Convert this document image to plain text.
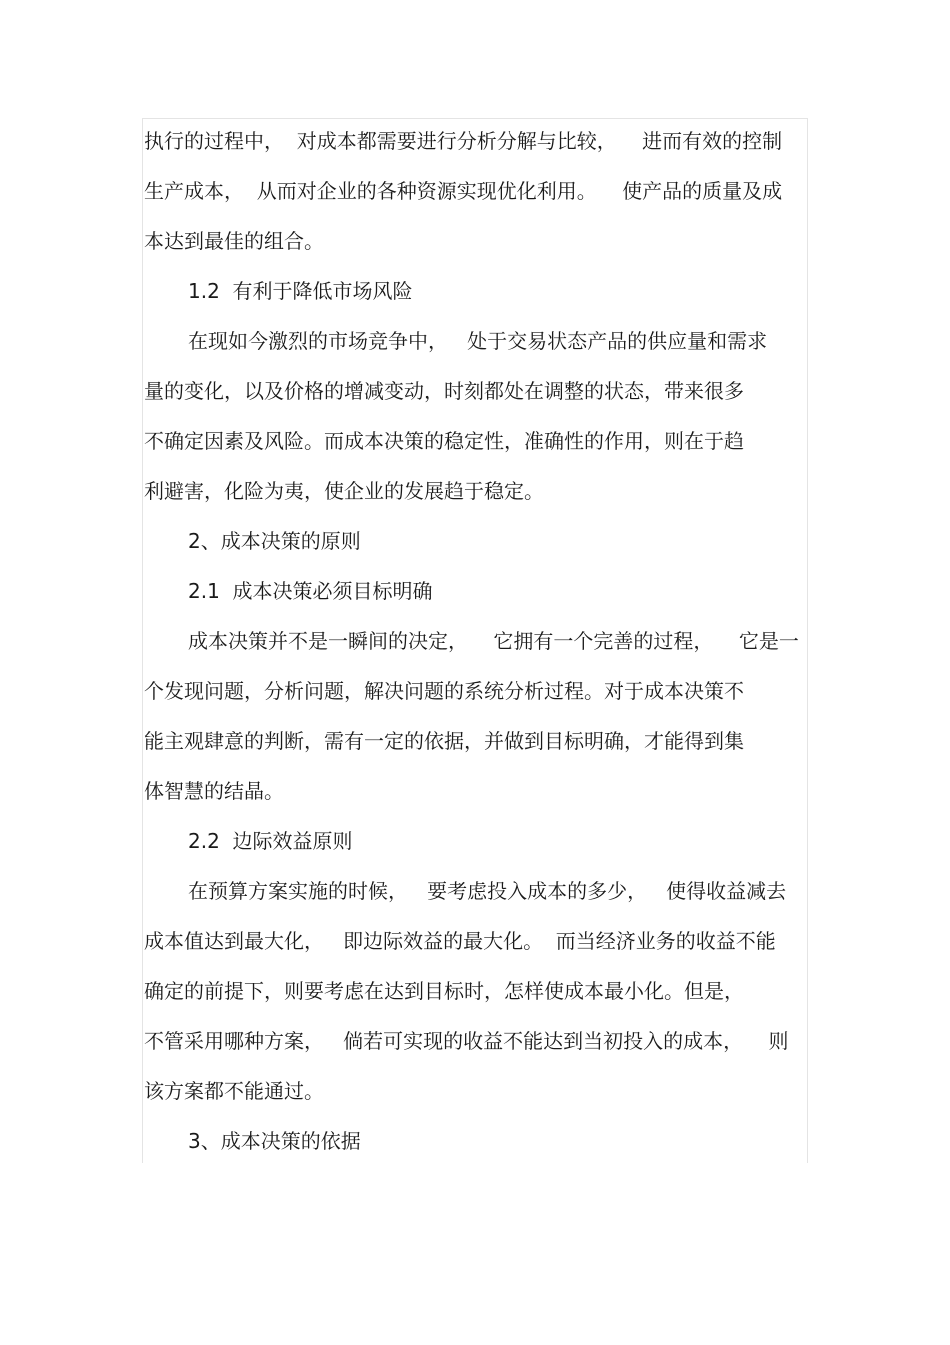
执行的过程中，  对成本都需要进行分析分解与比较，    进而有效的控制
生产成本，  从而对企业的各种资源实现优化利用。    使产品的质量及成
本达到最佳的组合。
1.2  有利于降低市场风险
在现如今激烈的市场竞争中，   处于交易状态产品的供应量和需求
量的变化，以及价格的增减变动，时刻都处在调整的状态，带来很多
不确定因素及风险。而成本决策的稳定性，准确性的作用，则在于趋
利避害，化险为夷，使企业的发展趋于稳定。
2、成本决策的原则
2.1  成本决策必须目标明确
成本决策并不是一瞬间的决定，    它拥有一个完善的过程，    它是一
个发现问题，分析问题，解决问题的系统分析过程。对于成本决策不
能主观肆意的判断，需有一定的依据，并做到目标明确，才能得到集
体智慧的结晶。
2.2  边际效益原则
在预算方案实施的时候，   要考虑投入成本的多少，   使得收益减去
成本值达到最大化，   即边际效益的最大化。  而当经济业务的收益不能
确定的前提下，则要考虑在达到目标时，怎样使成本最小化。但是，
不管采用哪种方案，   倘若可实现的收益不能达到当初投入的成本，    则
该方案都不能通过。
3、成本决策的依据
